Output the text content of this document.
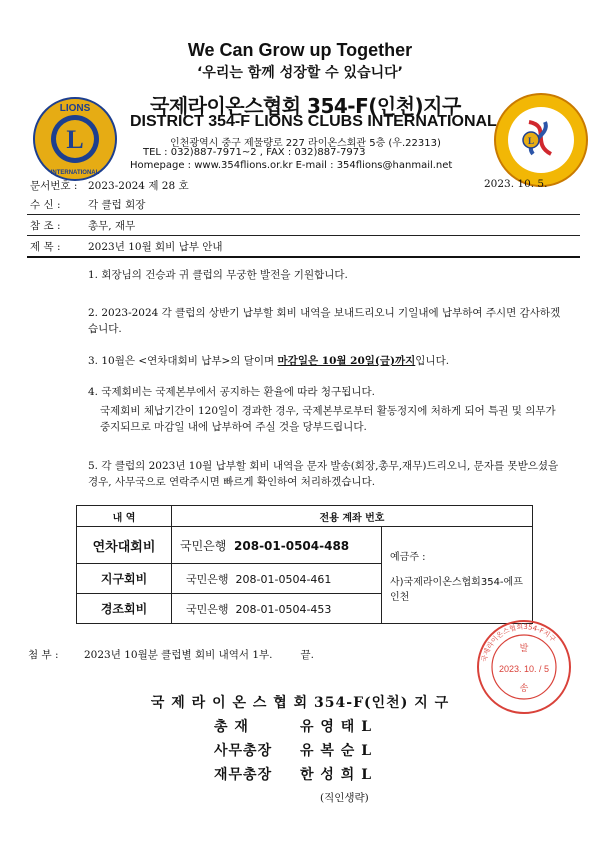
We Can Grow up Together
‘우리는 함께 성장할 수 있습니다’
L
LIONS
INTERNATIONAL
국제라이온스협회 354-F(인천)지구
DISTRICT 354-F LIONS CLUBS INTERNATIONAL
인천광역시 중구 제물량로 227 라이온스회관 5층 (우.22313)
TEL : 032)887-7971~2 , FAX : 032)887-7973
Homepage : www.354flions.or.kr E-mail : 354flions@hanmail.net
L
문서번호 : 2023-2024 제 28 호	2023. 10. 5.
수 신 :	각 클럽 회장
참 조 :	총무, 재무
제 목 :	2023년 10월 회비 납부 안내
1. 회장님의 건승과 귀 클럽의 무궁한 발전을 기원합니다.
2. 2023-2024 각 클럽의 상반기 납부할 회비 내역을 보내드리오니 기일내에 납부하여 주시면 감사하겠습니다.
3. 10월은 <연차대회비 납부>의 달이며 마감일은 10월 20일(금)까지입니다.
4. 국제회비는 국제본부에서 공지하는 환율에 따라 청구됩니다.
국제회비 체납기간이 120일이 경과한 경우, 국제본부로부터 활동정지에 처하게 되어 특권 및 의무가 중지되므로 마감일 내에 납부하여 주실 것을 당부드립니다.
5. 각 클럽의 2023년 10월 납부할 회비 내역을 문자 발송(회장,총무,재무)드리오니, 문자를 못받으셨을 경우, 사무국으로 연락주시면 빠르게 확인하여 처리하겠습니다.
내 역	전용 계좌 번호	
연차대회비	국민은행 208-01-0504-488	예금주 :
사)국제라이온스협회354-에프인천

지구회비	국민은행 208-01-0504-461	
경조회비	국민은행 208-01-0504-453	
첨 부 : 2023년 10월분 클럽별 회비 내역서 1부.	끝.	국제라이온스협회354-F지구
발
2023. 10. / 5
송
국 제 라 이 온 스 협 회 354-F(인천) 지 구
총 재	유 영 태 L
사무총장 유 복 순 L
재무총장 한 성 희 L
(직인생략)
